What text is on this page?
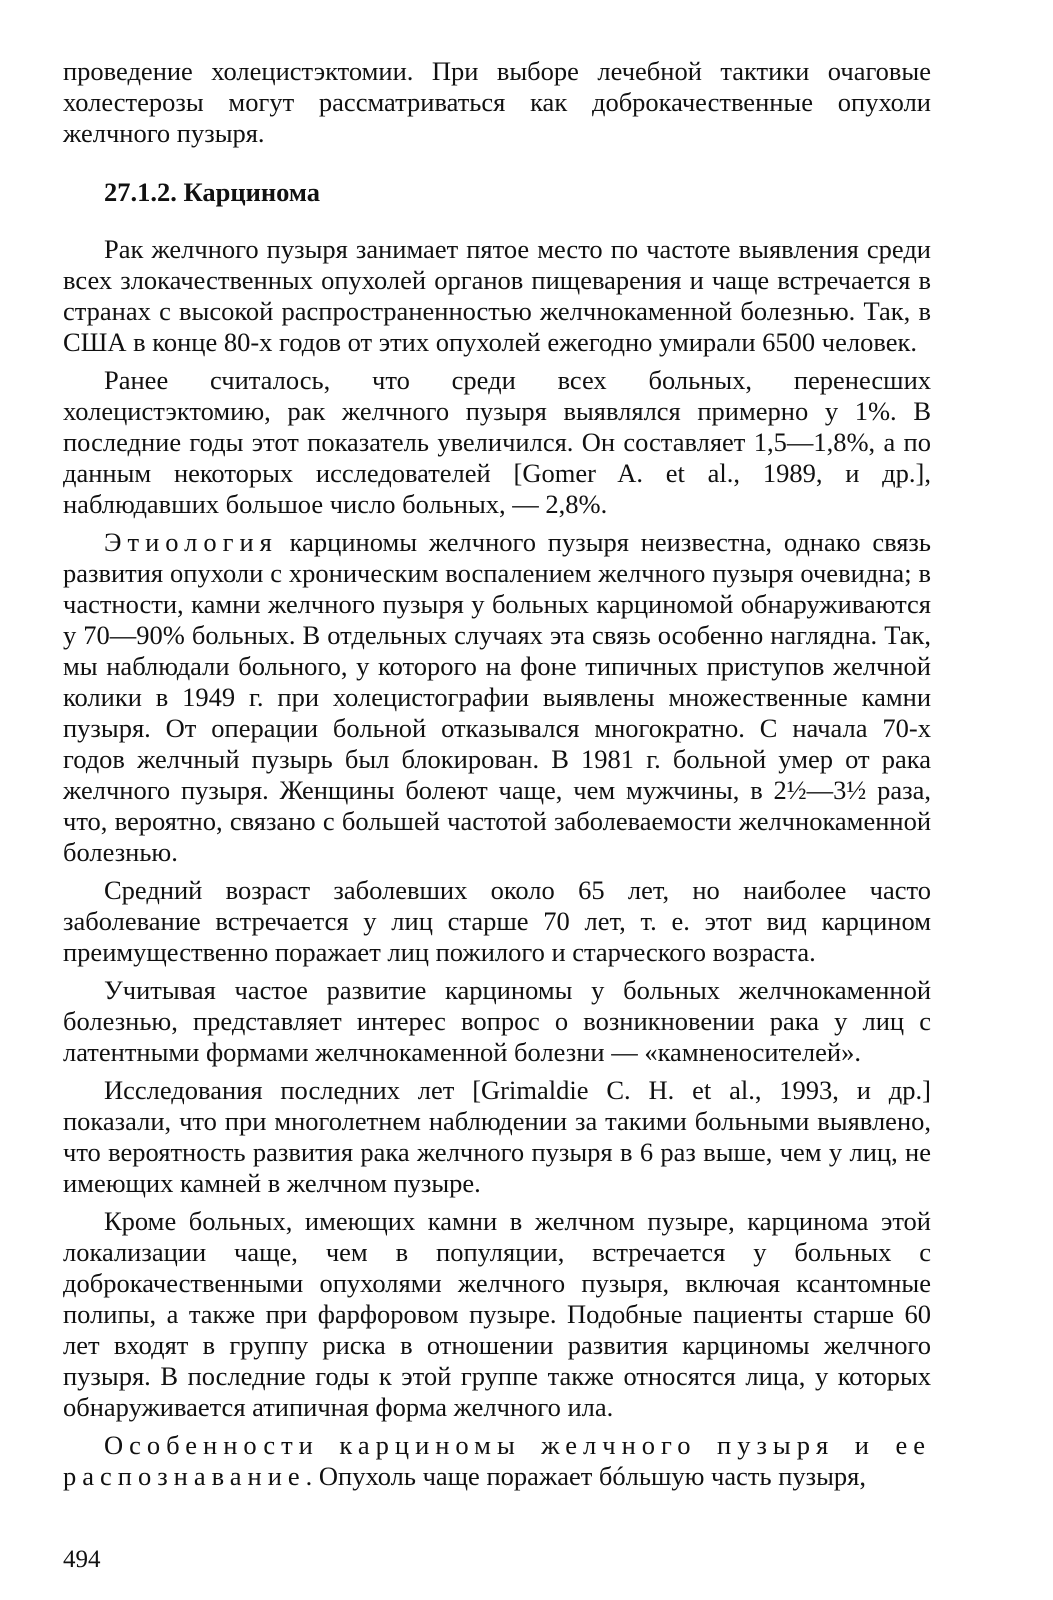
проведение холецистэктомии. При выборе лечебной тактики очаговые холестерозы могут рассматриваться как доброкачественные опухоли желчного пузыря.

27.1.2. Карцинома

Рак желчного пузыря занимает пятое место по частоте выявления среди всех злокачественных опухолей органов пищеварения и чаще встречается в странах с высокой распространенностью желчнокаменной болезнью. Так, в США в конце 80-х годов от этих опухолей ежегодно умирали 6500 человек.

Ранее считалось, что среди всех больных, перенесших холецистэктомию, рак желчного пузыря выявлялся примерно у 1%. В последние годы этот показатель увеличился. Он составляет 1,5—1,8%, а по данным некоторых исследователей [Gomer A. et al., 1989, и др.], наблюдавших большое число больных, — 2,8%.

Этиология карциномы желчного пузыря неизвестна, однако связь развития опухоли с хроническим воспалением желчного пузыря очевидна; в частности, камни желчного пузыря у больных карциномой обнаруживаются у 70—90% больных. В отдельных случаях эта связь особенно наглядна. Так, мы наблюдали больного, у которого на фоне типичных приступов желчной колики в 1949 г. при холецистографии выявлены множественные камни пузыря. От операции больной отказывался многократно. С начала 70-х годов желчный пузырь был блокирован. В 1981 г. больной умер от рака желчного пузыря. Женщины болеют чаще, чем мужчины, в 2½—3½ раза, что, вероятно, связано с большей частотой заболеваемости желчнокаменной болезнью.

Средний возраст заболевших около 65 лет, но наиболее часто заболевание встречается у лиц старше 70 лет, т. е. этот вид карцином преимущественно поражает лиц пожилого и старческого возраста.

Учитывая частое развитие карциномы у больных желчнокаменной болезнью, представляет интерес вопрос о возникновении рака у лиц с латентными формами желчнокаменной болезни — «камненосителей».

Исследования последних лет [Grimaldie C. H. et al., 1993, и др.] показали, что при многолетнем наблюдении за такими больными выявлено, что вероятность развития рака желчного пузыря в 6 раз выше, чем у лиц, не имеющих камней в желчном пузыре.

Кроме больных, имеющих камни в желчном пузыре, карцинома этой локализации чаще, чем в популяции, встречается у больных с доброкачественными опухолями желчного пузыря, включая ксантомные полипы, а также при фарфоровом пузыре. Подобные пациенты старше 60 лет входят в группу риска в отношении развития карциномы желчного пузыря. В последние годы к этой группе также относятся лица, у которых обнаруживается атипичная форма желчного ила.

Особенности карциномы желчного пузыря и ее распознавание. Опухоль чаще поражает бóльшую часть пузыря,

494
